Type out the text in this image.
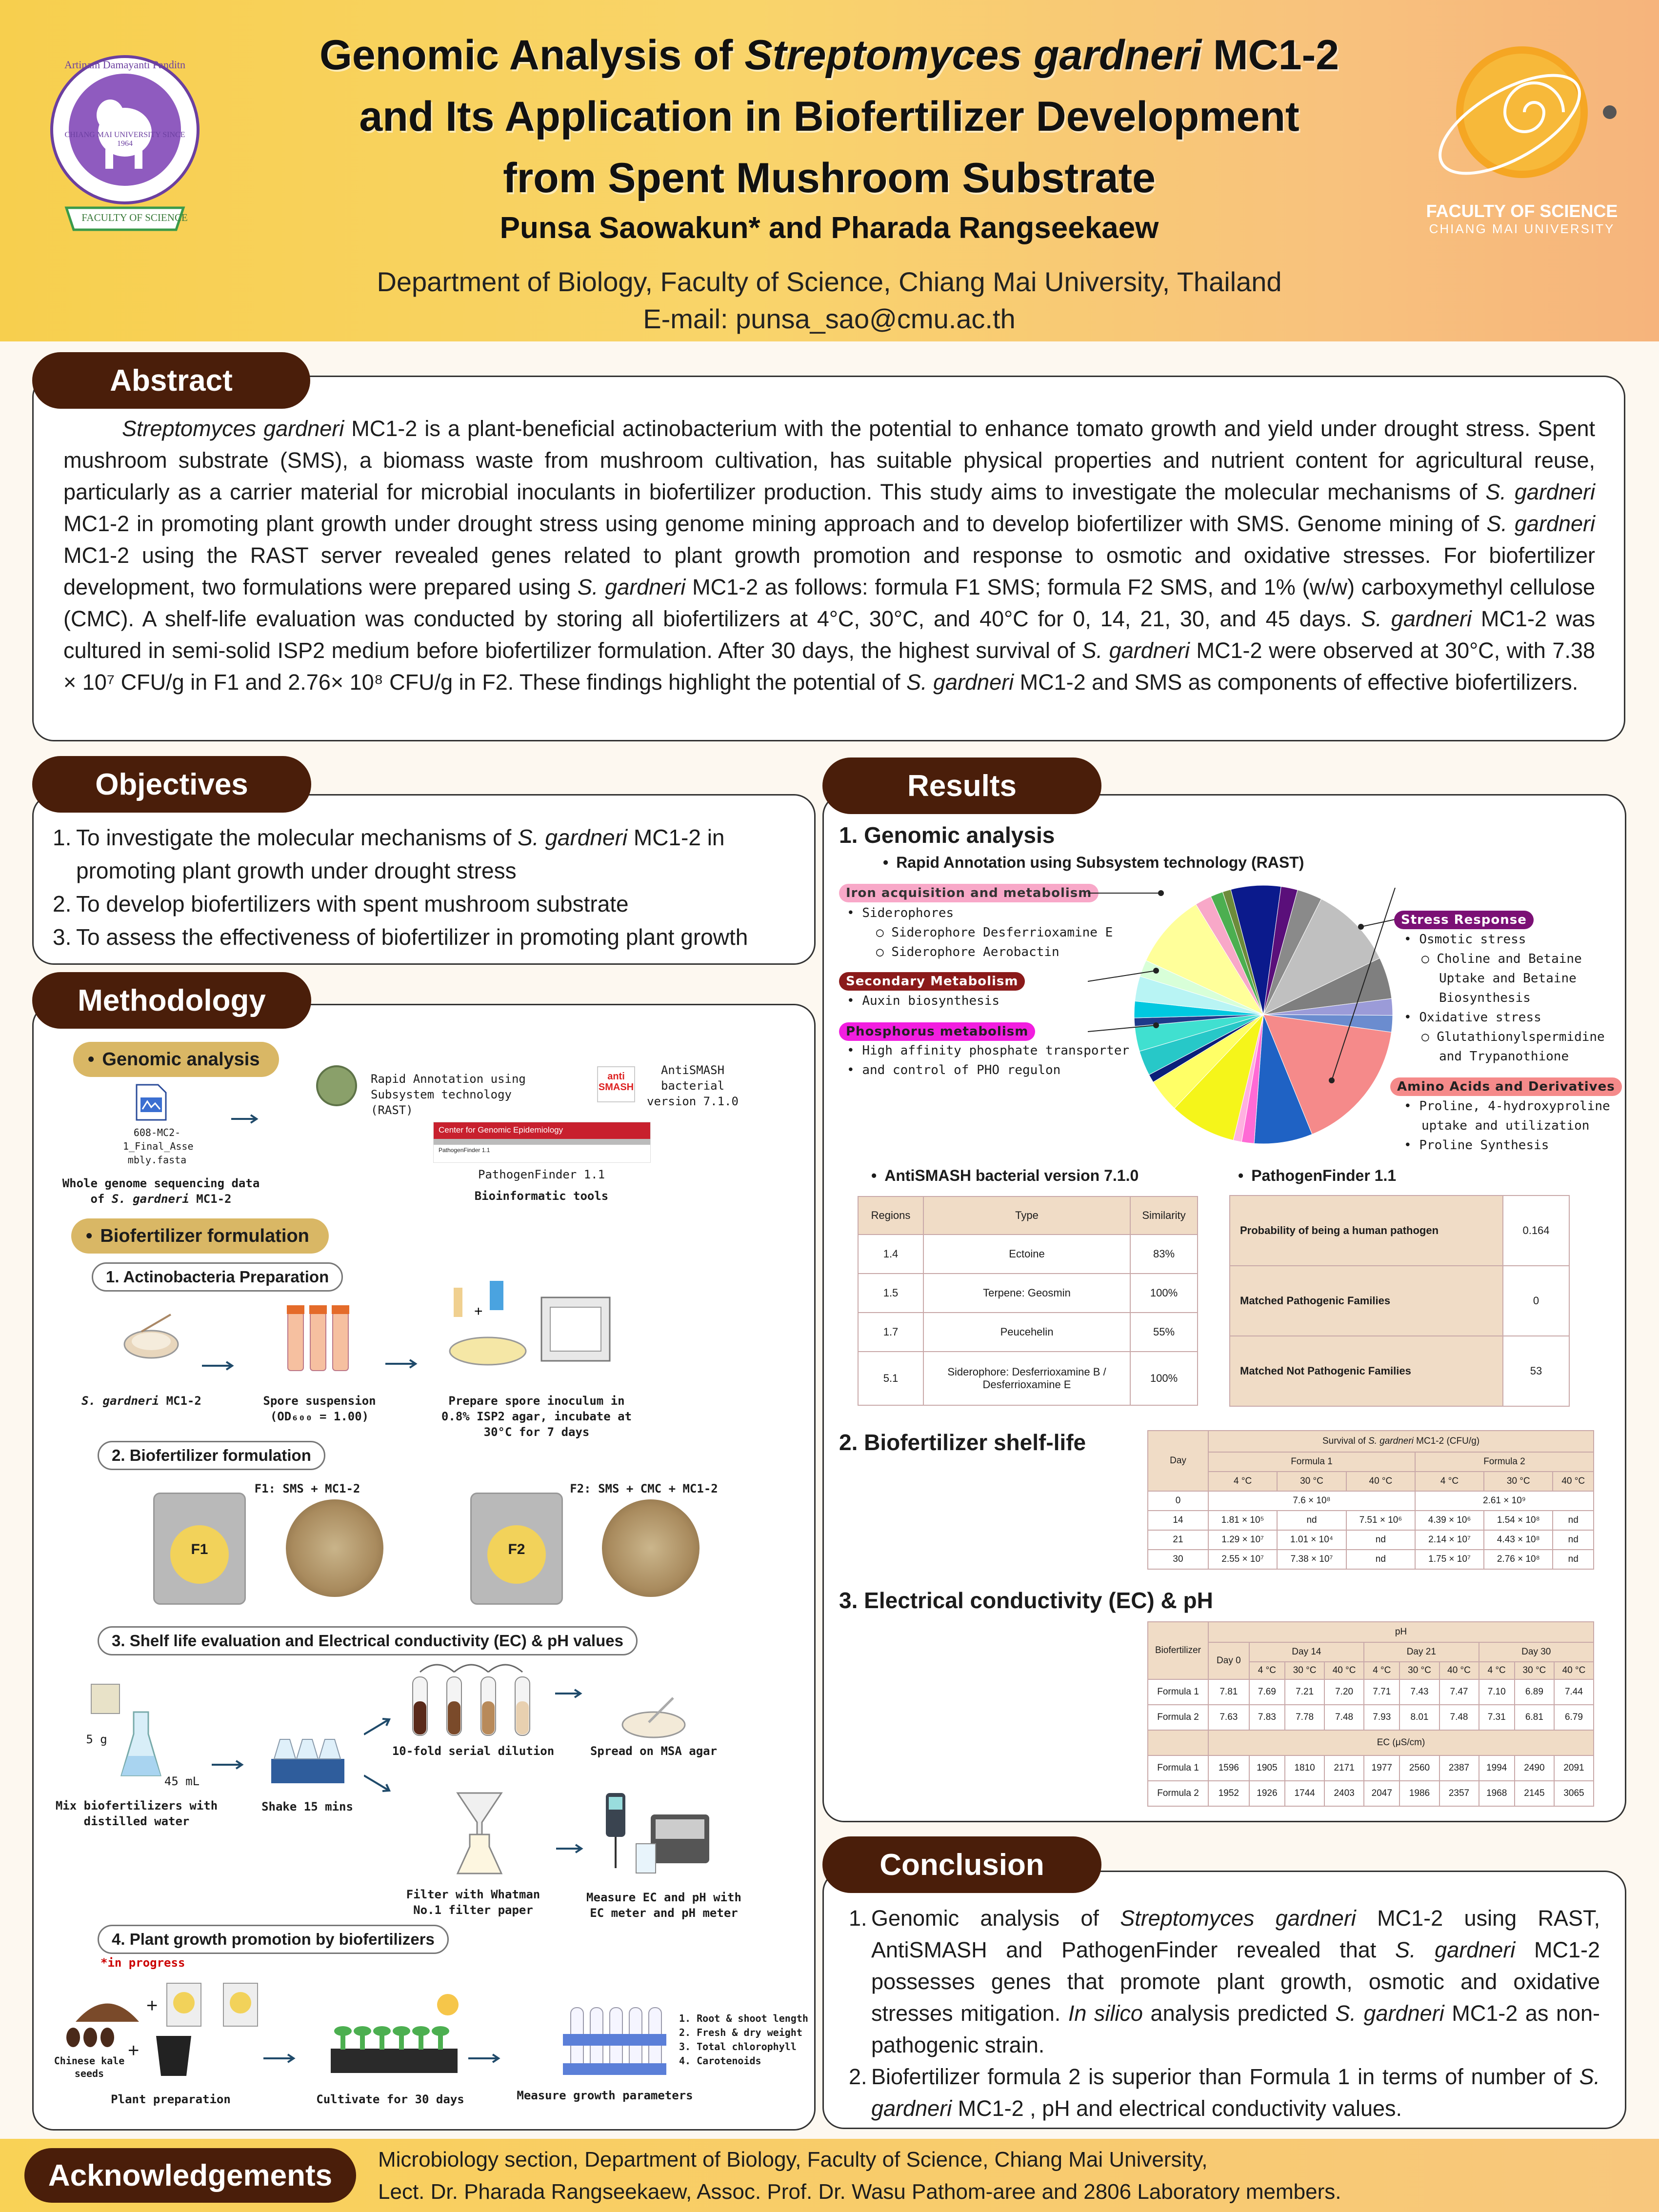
Artinam Damayanti Panditn
CHIANG MAI UNIVERSITY SINCE 1964
FACULTY OF SCIENCE
Genomic Analysis of Streptomyces gardneri MC1-2
and Its Application in Biofertilizer Development
from Spent Mushroom Substrate
Punsa Saowakun* and Pharada Rangseekaew
Department of Biology, Faculty of Science, Chiang Mai University, Thailand
E-mail: punsa_sao@cmu.ac.th
FACULTY OF SCIENCE
CHIANG MAI UNIVERSITY
Abstract
Streptomyces gardneri MC1-2 is a plant-beneficial actinobacterium with the potential to enhance tomato growth and yield under drought stress. Spent mushroom substrate (SMS), a biomass waste from mushroom cultivation, has suitable physical properties and nutrient content for agricultural reuse, particularly as a carrier material for microbial inoculants in biofertilizer production. This study aims to investigate the molecular mechanisms of S. gardneri MC1-2 in promoting plant growth under drought stress using genome mining approach and to develop biofertilizer with SMS. Genome mining of S. gardneri MC1-2 using the RAST server revealed genes related to plant growth promotion and response to osmotic and oxidative stresses. For biofertilizer development, two formulations were prepared using S. gardneri MC1-2 as follows: formula F1 SMS; formula F2 SMS, and 1% (w/w) carboxymethyl cellulose (CMC). A shelf-life evaluation was conducted by storing all biofertilizers at 4°C, 30°C, and 40°C for 0, 14, 21, 30, and 45 days. S. gardneri MC1-2 was cultured in semi-solid ISP2 medium before biofertilizer formulation. After 30 days, the highest survival of S. gardneri MC1-2 were observed at 30°C, with 7.38 × 10⁷ CFU/g in F1 and 2.76× 10⁸ CFU/g in F2. These findings highlight the potential of S. gardneri MC1-2 and SMS as components of effective biofertilizers.
Objectives
1. To investigate the molecular mechanisms of S. gardneri MC1-2 in promoting plant growth under drought stress
2. To develop biofertilizers with spent mushroom substrate
3. To assess the effectiveness of biofertilizer in promoting plant growth
Methodology
• Genomic analysis
608-MC2-1_Final_Asse mbly.fasta
Whole genome sequencing data
of S. gardneri MC1-2
Rapid Annotation using Subsystem technology (RAST)
anti SMASH
AntiSMASH bacterial version 7.1.0
Center for Genomic Epidemiology
PathogenFinder 1.1
PathogenFinder 1.1
Bioinformatic tools
• Biofertilizer formulation
1. Actinobacteria Preparation
+
S. gardneri MC1-2	Spore suspension
(OD₆₀₀ = 1.00)
Prepare spore inoculum in 0.8% ISP2 agar, incubate at 30°C for 7 days
2. Biofertilizer formulation
F1: SMS + MC1-2	F2: SMS + CMC + MC1-2
F1	F2
3. Shelf life evaluation and Electrical conductivity (EC) & pH values
5 g
45 mL
Mix biofertilizers with distilled water
Shake 15 mins
10-fold serial dilution	Spread on MSA agar
Filter with Whatman No.1 filter paper
Measure EC and pH with EC meter and pH meter
4. Plant growth promotion by biofertilizers
*in progress
+
+
Chinese kale seeds
Plant preparation	Cultivate for 30 days	Measure growth parameters
1. Root & shoot length
2. Fresh & dry weight
3. Total chlorophyll
4. Carotenoids
Results
1. Genomic analysis
• Rapid Annotation using Subsystem technology (RAST)
Iron acquisition and metabolism
• Siderophores
○ Siderophore Desferrioxamine E
○ Siderophore Aerobactin
Secondary Metabolism
• Auxin biosynthesis
Phosphorus metabolism
• High affinity phosphate transporter
• and control of PHO regulon
Stress Response
• Osmotic stress
○ Choline and Betaine
Uptake and Betaine
Biosynthesis
• Oxidative stress
○ Glutathionylspermidine
and Trypanothione
Amino Acids and Derivatives
• Proline, 4-hydroxyproline
uptake and utilization
• Proline Synthesis
• AntiSMASH bacterial version 7.1.0
Regions	Type	Similarity
1.4	Ectoine	83%
1.5	Terpene: Geosmin	100%
1.7	Peucehelin	55%
5.1	Siderophore: Desferrioxamine B / Desferrioxamine E	100%
• PathogenFinder 1.1
Probability of being a human pathogen	0.164
Matched Pathogenic Families	0
Matched Not Pathogenic Families	53
2. Biofertilizer shelf-life
Day	Survival of S. gardneri MC1-2 (CFU/g)					
	Formula 1			Formula 2		
	4 °C	30 °C	40 °C	4 °C	30 °C	40 °C
0	7.6 × 10⁸			2.61 × 10⁹		
14	1.81 × 10⁵	nd	7.51 × 10⁶	4.39 × 10⁶	1.54 × 10⁸	nd
21	1.29 × 10⁷	1.01 × 10⁴	nd	2.14 × 10⁷	4.43 × 10⁸	nd
30	2.55 × 10⁷	7.38 × 10⁷	nd	1.75 × 10⁷	2.76 × 10⁸	nd
3. Electrical conductivity (EC) & pH
Biofertilizer	pH									
	Day 0	Day 14			Day 21			Day 30		
		4 °C	30 °C	40 °C	4 °C	30 °C	40 °C	4 °C	30 °C	40 °C
Formula 1	7.81	7.69	7.21	7.20	7.71	7.43	7.47	7.10	6.89	7.44
Formula 2	7.63	7.83	7.78	7.48	7.93	8.01	7.48	7.31	6.81	6.79
	EC (μS/cm)									
Formula 1	1596	1905	1810	2171	1977	2560	2387	1994	2490	2091
Formula 2	1952	1926	1744	2403	2047	1986	2357	1968	2145	3065
Conclusion
1. Genomic analysis of Streptomyces gardneri MC1-2 using RAST, AntiSMASH and PathogenFinder revealed that S. gardneri MC1-2 possesses genes that promote plant growth, osmotic and oxidative stresses mitigation. In silico analysis predicted S. gardneri MC1-2 as non-pathogenic strain.
2. Biofertilizer formula 2 is superior than Formula 1 in terms of number of S. gardneri MC1-2 , pH and electrical conductivity values.
Acknowledgements	Microbiology section, Department of Biology, Faculty of Science, Chiang Mai University,
Lect. Dr. Pharada Rangseekaew, Assoc. Prof. Dr. Wasu Pathom-aree and 2806 Laboratory members.
